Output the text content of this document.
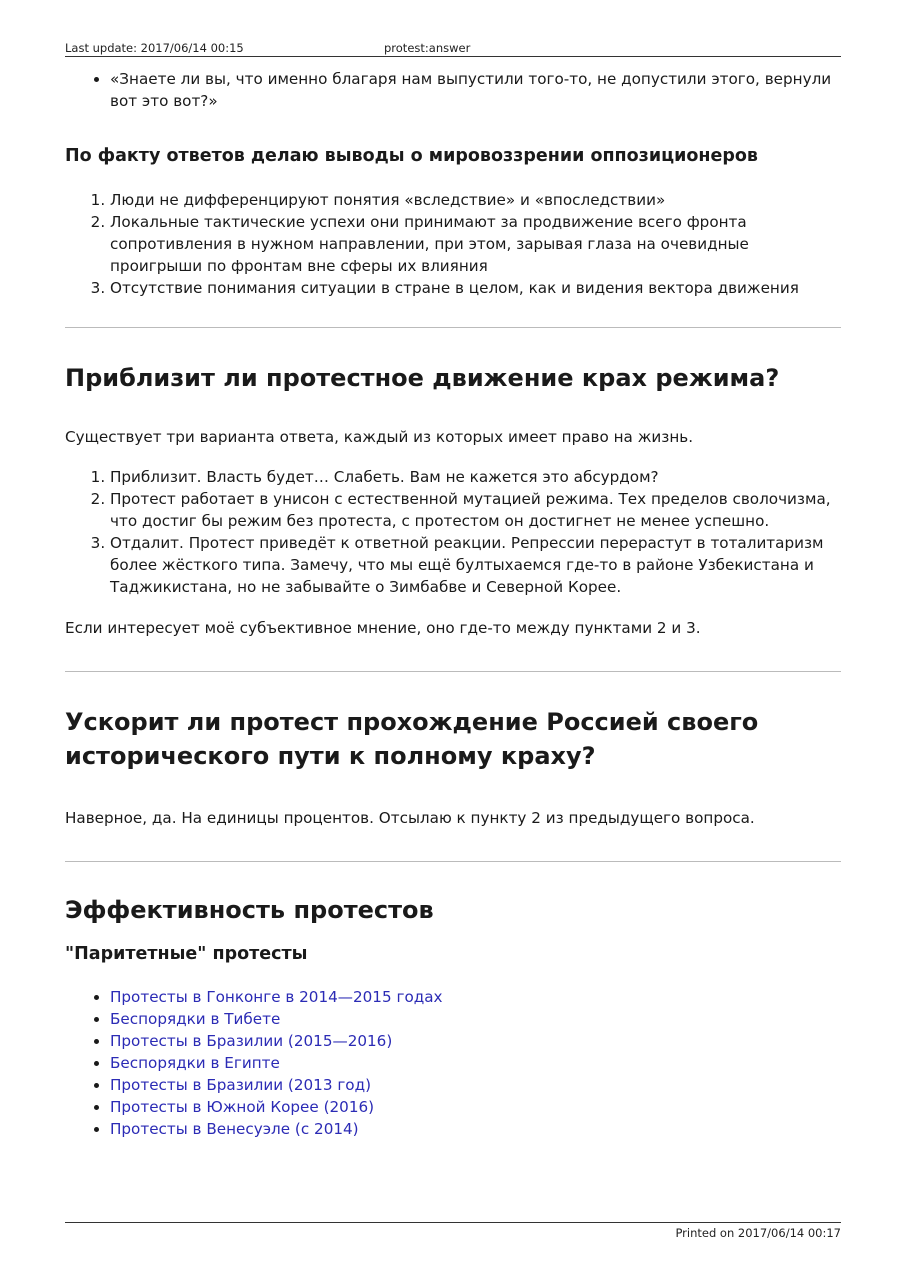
Last update: 2017/06/14 00:15	protest:answer
• «Знаете ли вы, что именно благаря нам выпустили того-то, не допустили этого, вернули вот это вот?»
По факту ответов делаю выводы о мировоззрении оппозиционеров
1. Люди не дифференцируют понятия «вследствие» и «впоследствии»
2. Локальные тактические успехи они принимают за продвижение всего фронта сопротивления в нужном направлении, при этом, зарывая глаза на очевидные проигрыши по фронтам вне сферы их влияния
3. Отсутствие понимания ситуации в стране в целом, как и видения вектора движения
Приблизит ли протестное движение крах режима?

Существует три варианта ответа, каждый из которых имеет право на жизнь.

1. Приблизит. Власть будет… Слабеть. Вам не кажется это абсурдом?
2. Протест работает в унисон с естественной мутацией режима. Тех пределов сволочизма, что достиг бы режим без протеста, с протестом он достигнет не менее успешно.
3. Отдалит. Протест приведёт к ответной реакции. Репрессии перерастут в тоталитаризм более жёсткого типа. Замечу, что мы ещё бултыхаемся где-то в районе Узбекистана и Таджикистана, но не забывайте о Зимбабве и Северной Корее.

Если интересует моё субъективное мнение, оно где-то между пунктами 2 и 3.

Ускорит ли протест прохождение Россией своего исторического пути к полному краху?

Наверное, да. На единицы процентов. Отсылаю к пункту 2 из предыдущего вопроса.

Эффективность протестов
"Паритетные" протесты
• Протесты в Гонконге в 2014—2015 годах
• Беспорядки в Тибете
• Протесты в Бразилии (2015—2016)
• Беспорядки в Египте
• Протесты в Бразилии (2013 год)
• Протесты в Южной Корее (2016)
• Протесты в Венесуэле (с 2014)
Printed on 2017/06/14 00:17
